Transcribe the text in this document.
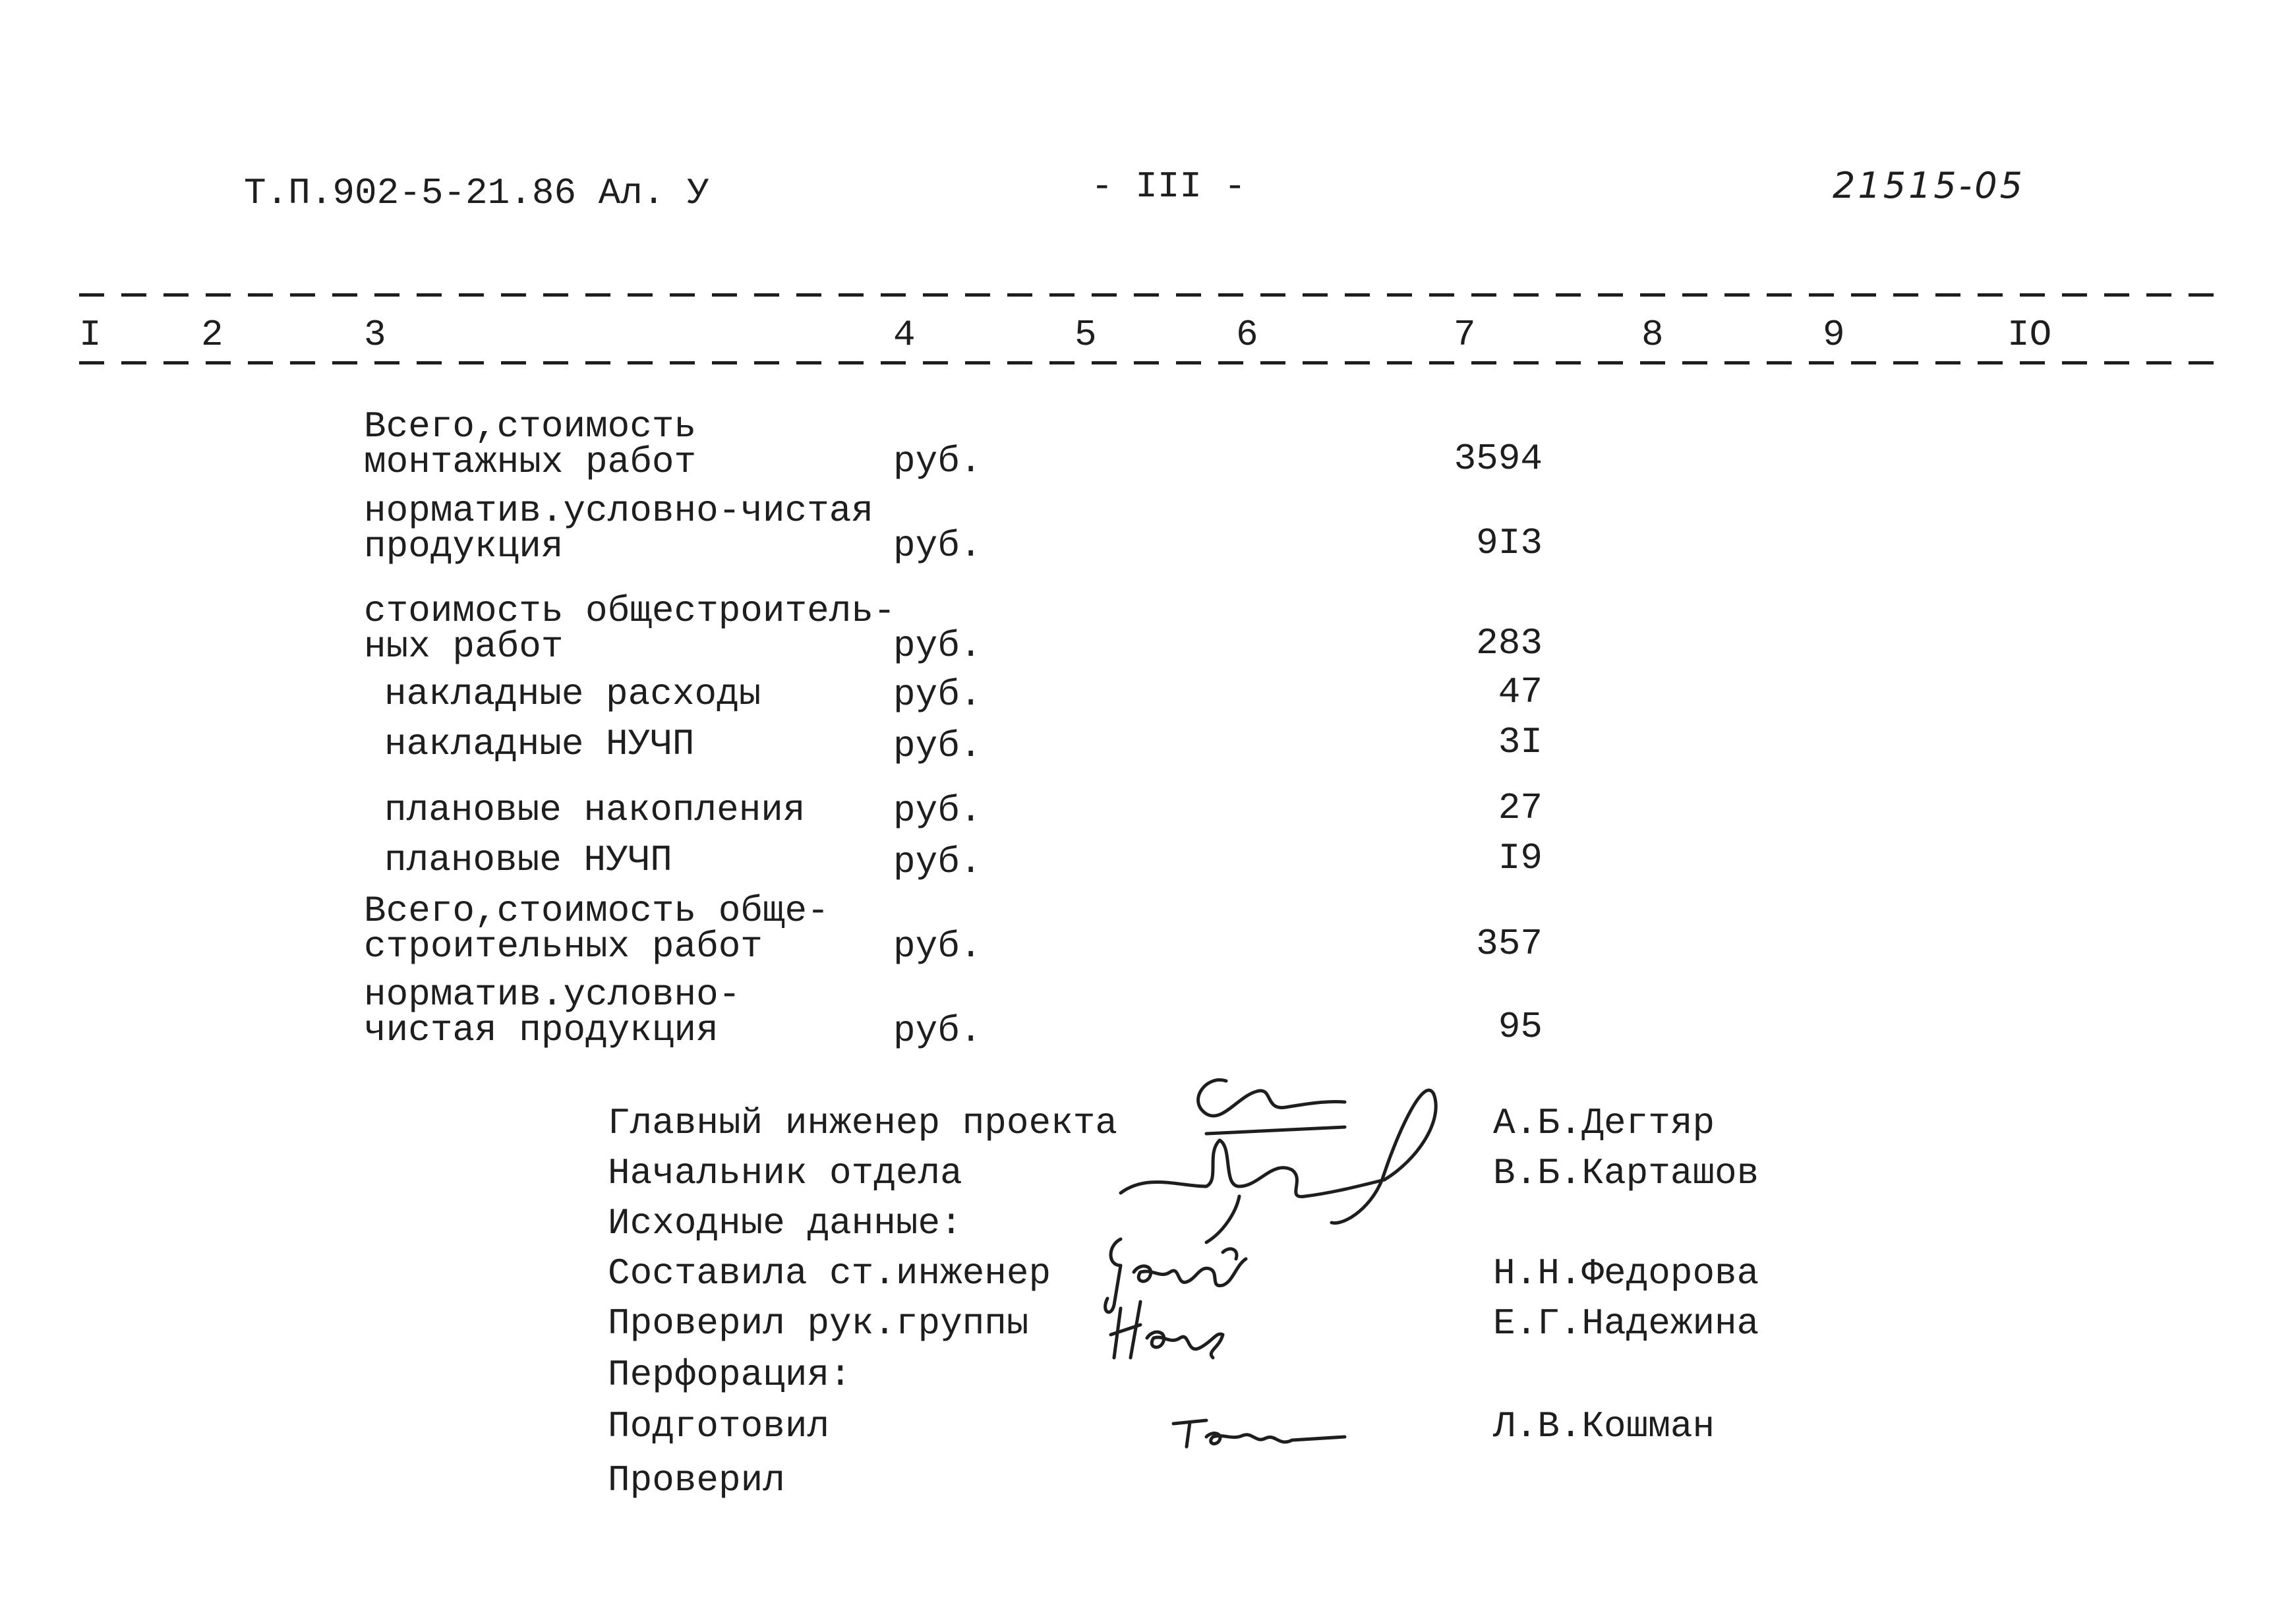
Т.П.902-5-21.86 Ал. У	- III -	21515-05
I	2	3	4	5	6	7	8	9	IO
Всего,стоимость
монтажных работ	руб.	3594
норматив.условно-чистая
продукция	руб.	9I3
стоимость общестроитель-
ных работ	руб.	283
накладные расходы	руб.	47
накладные НУЧП	руб.	3I
плановые накопления руб.	27
плановые НУЧП	руб.	I9
Всего,стоимость обще-
строительных работ	руб.	357
норматив.условно-
чистая продукция	руб.	95
Главный инженер проекта	А.Б.Дегтяр
Начальник отдела	В.Б.Карташов
Исходные данные:
Составила ст.инженер	Н.Н.Федорова
Проверил рук.группы	Е.Г.Надежина
Перфорация:
Подготовил	Л.В.Кошман
Проверил
